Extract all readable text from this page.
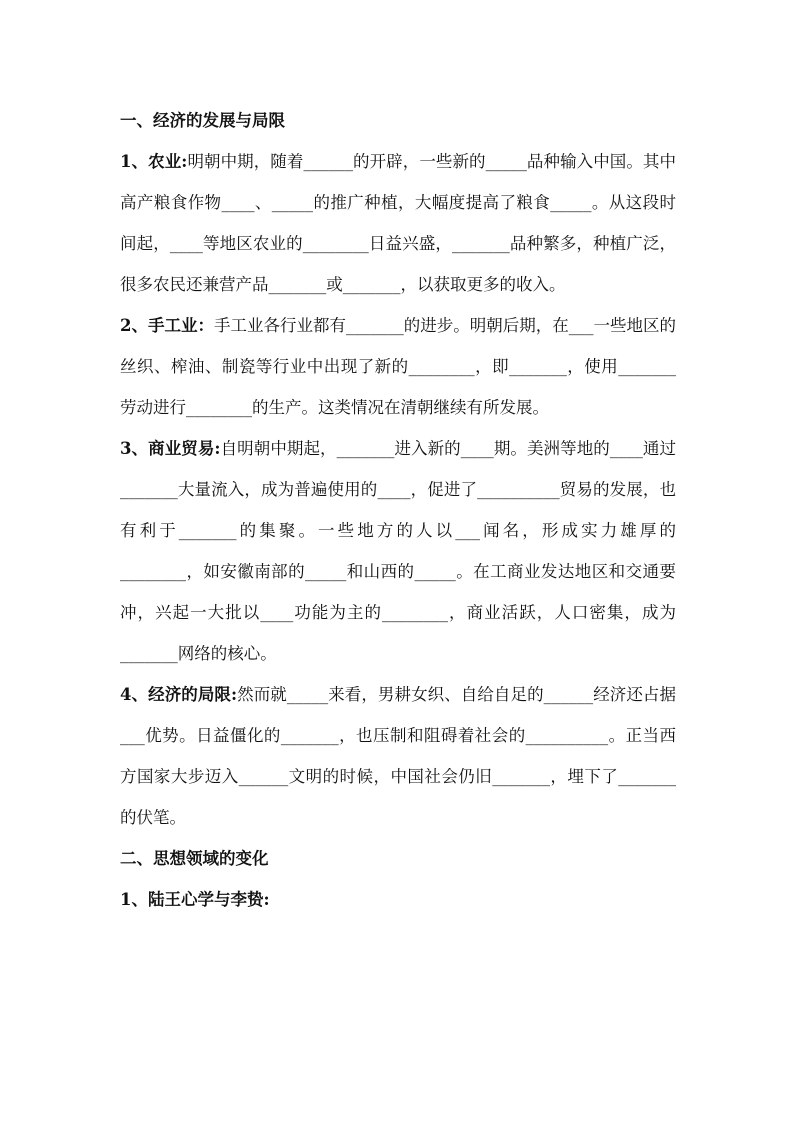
一、经济的发展与局限

1、农业:明朝中期，随着______的开辟，一些新的_____品种输入中国。其中高产粮食作物____、_____的推广种植，大幅度提高了粮食_____。从这段时间起，____等地区农业的________日益兴盛，_______品种繁多，种植广泛，很多农民还兼营产品_______或_______，以获取更多的收入。

2、手工业：手工业各行业都有_______的进步。明朝后期，在___一些地区的丝织、榨油、制瓷等行业中出现了新的________，即_______，使用_______劳动进行________的生产。这类情况在清朝继续有所发展。

3、商业贸易:自明朝中期起，_______进入新的____期。美洲等地的____通过_______大量流入，成为普遍使用的____，促进了__________贸易的发展，也有利于_______的集聚。一些地方的人以___闻名，形成实力雄厚的________，如安徽南部的_____和山西的_____。在工商业发达地区和交通要冲，兴起一大批以____功能为主的________，商业活跃，人口密集，成为_______网络的核心。

4、经济的局限:然而就_____来看，男耕女织、自给自足的______经济还占据___优势。日益僵化的_______，也压制和阻碍着社会的__________。正当西方国家大步迈入______文明的时候，中国社会仍旧_______，埋下了_______的伏笔。

二、思想领域的变化

1、陆王心学与李贽:
